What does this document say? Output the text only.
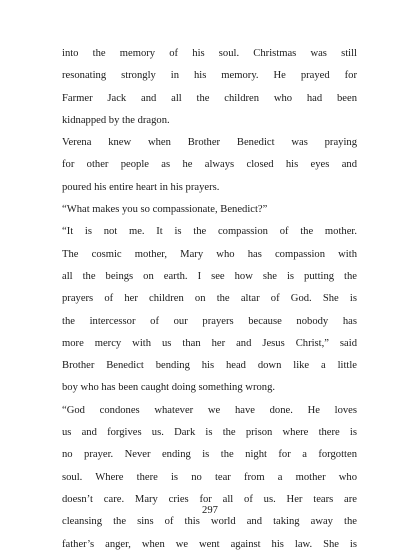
into the memory of his soul. Christmas was still
resonating strongly in his memory. He prayed for
Farmer Jack and all the children who had been
kidnapped by the dragon.
Verena knew when Brother Benedict was praying
for other people as he always closed his eyes and
poured his entire heart in his prayers.
“What makes you so compassionate, Benedict?”
“It is not me. It is the compassion of the mother.
The cosmic mother, Mary who has compassion with
all the beings on earth. I see how she is putting the
prayers of her children on the altar of God. She is
the intercessor of our prayers because nobody has
more mercy with us than her and Jesus Christ,” said
Brother Benedict bending his head down like a little
boy who has been caught doing something wrong.
“God condones whatever we have done. He loves
us and forgives us. Dark is the prison where there is
no prayer. Never ending is the night for a forgotten
soul. Where there is no tear from a mother who
doesn’t care. Mary cries for all of us. Her tears are
cleansing the sins of this world and taking away the
father’s anger, when we went against his law. She is
297
